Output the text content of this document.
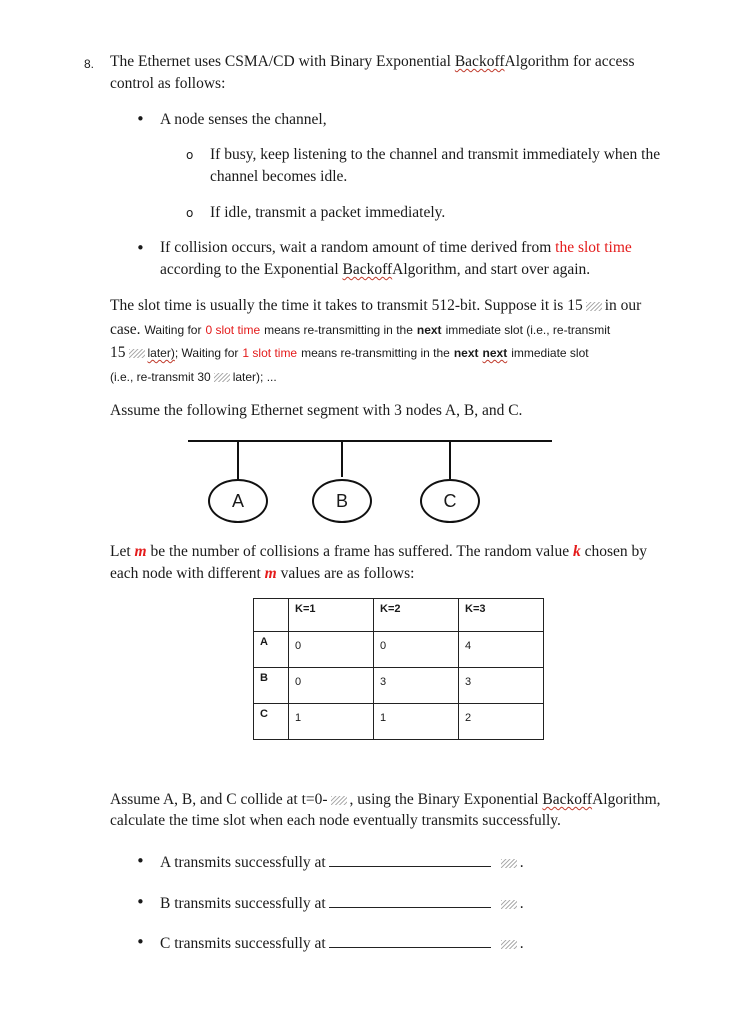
8. The Ethernet uses CSMA/CD with Binary Exponential BackoffAlgorithm for access
control as follows:
• A node senses the channel,
o If busy, keep listening to the channel and transmit immediately when the
channel becomes idle.
o If idle, transmit a packet immediately.
• If collision occurs, wait a random amount of time derived from the slot time
according to the Exponential BackoffAlgorithm, and start over again.
The slot time is usually the time it takes to transmit 512-bit. Suppose it is 15 in our
case. Waiting for 0 slot time means re-transmitting in the next immediate slot (i.e., re-transmit
15 later); Waiting for 1 slot time means re-transmitting in the next next immediate slot
(i.e., re-transmit 30 later); ...
Assume the following Ethernet segment with 3 nodes A, B, and C.
A	B	C
Let m be the number of collisions a frame has suffered. The random value k chosen by
each node with different m values are as follows:
	K=1	K=2	K=3
A	0	0	4
B	0	3	3
C	1	1	2
Assume A, B, and C collide at t=0- , using the Binary Exponential BackoffAlgorithm,
calculate the time slot when each node eventually transmits successfully.
• A transmits successfully at	.
• B transmits successfully at	.
• C transmits successfully at	.
